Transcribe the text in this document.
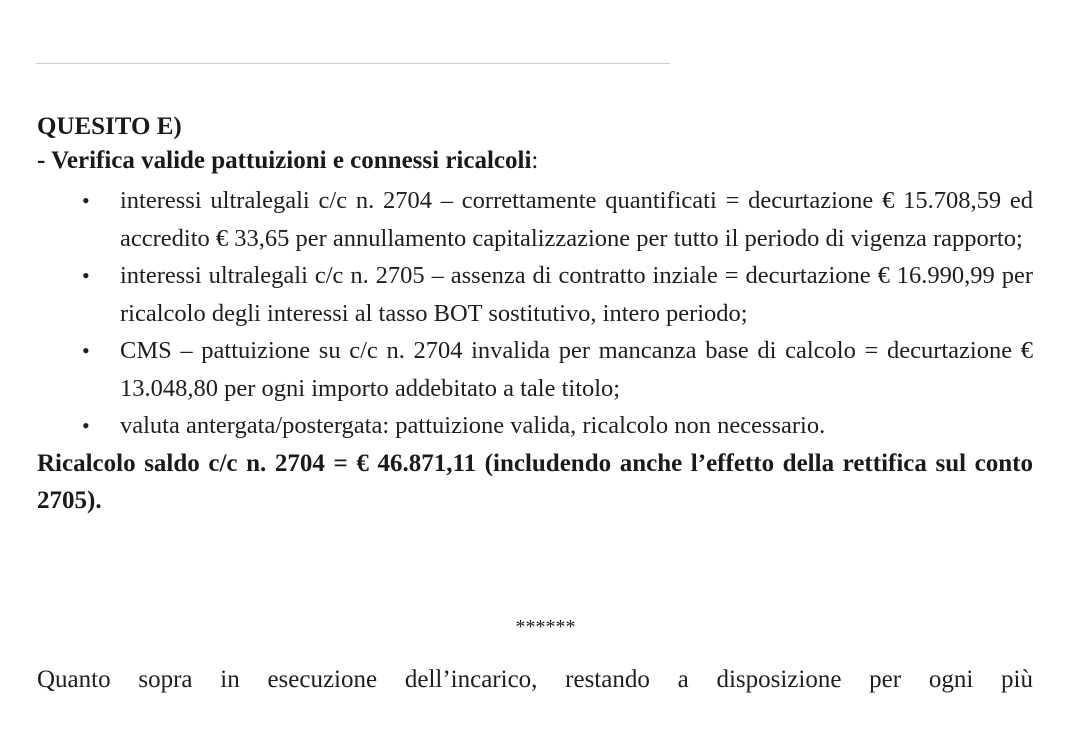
QUESITO E)

- Verifica valide pattuizioni e connessi ricalcoli:

• interessi ultralegali c/c n. 2704 – correttamente quantificati = decurtazione € 15.708,59 ed accredito € 33,65 per annullamento capitalizzazione per tutto il periodo di vigenza rapporto;
• interessi ultralegali c/c n. 2705 – assenza di contratto inziale = decurtazione € 16.990,99 per ricalcolo degli interessi al tasso BOT sostitutivo, intero periodo;
• CMS – pattuizione su c/c n. 2704 invalida per mancanza base di calcolo = decurtazione € 13.048,80 per ogni importo addebitato a tale titolo;
• valuta antergata/postergata: pattuizione valida, ricalcolo non necessario.

Ricalcolo saldo c/c n. 2704 = € 46.871,11 (includendo anche l’effetto della rettifica sul conto 2705).

******
Quanto sopra in esecuzione dell’incarico, restando a disposizione per ogni più
